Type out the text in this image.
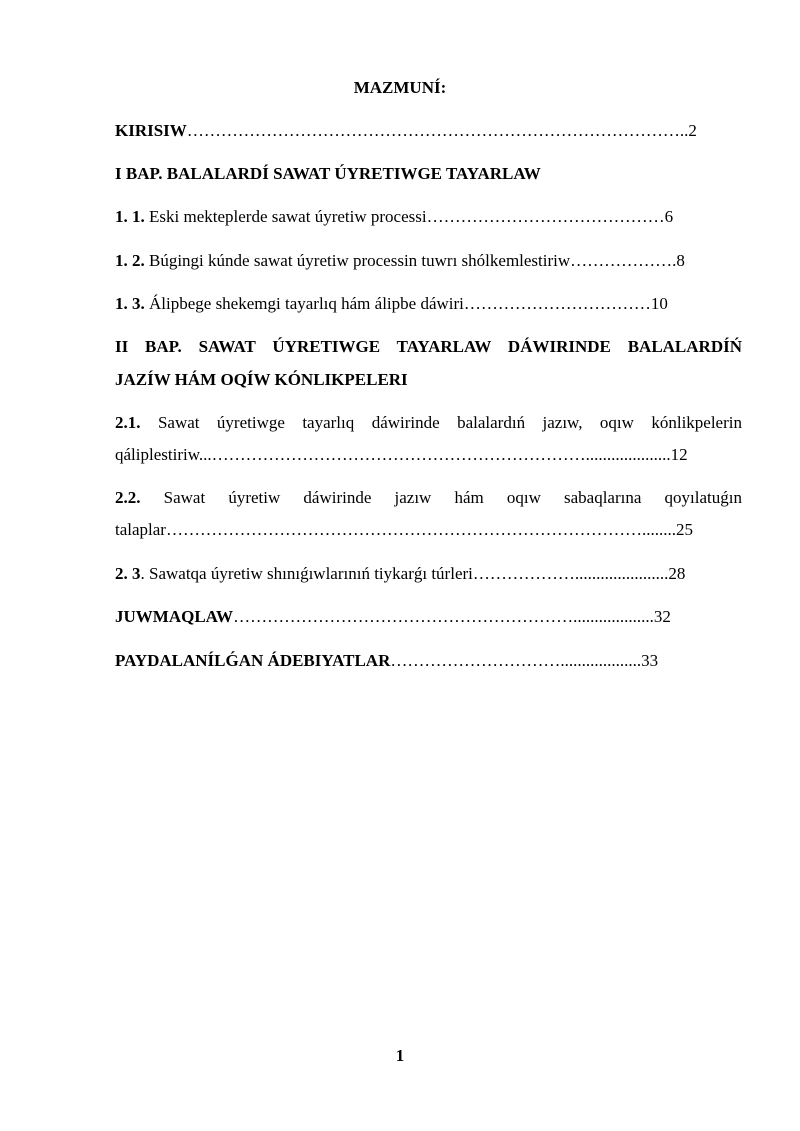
MAZMUNÍ:
KIRISIW……………………………………………………………………………..2
I BAP. BALALARDÍ SAWAT ÚYRETIWGE TAYARLAW
1. 1. Eski mekteplerde sawat úyretiw processi……………………………………6
1. 2. Búgingi kúnde sawat úyretiw processin tuwrı shólkemlestiriw……………….8
1. 3. Álipbege shekemgi tayarlıq hám álipbe dáwiri……………………………10
II BAP. SAWAT ÚYRETIWGE TAYARLAW DÁWIRINDE BALALARDÍŃ
JAZÍW HÁM OQÍW KÓNLIKPELERI
2.1. Sawat úyretiwge tayarlıq dáwirinde balalardıń jazıw, oqıw kónlikpelerin
qáliplestiriw...…………………………………………………………....................12
2.2. Sawat úyretiw dáwirinde jazıw hám oqıw sabaqlarına qoyılatuǵın
talaplar…………………………………………………………………………........25
2. 3. Sawatqa úyretiw shınıǵıwlarınıń tiykarǵı túrleri………………......................28
JUWMAQLAW……………………………………………………...................32
PAYDALANÍLǴAN ÁDEBIYATLAR…………………………...................33
1
